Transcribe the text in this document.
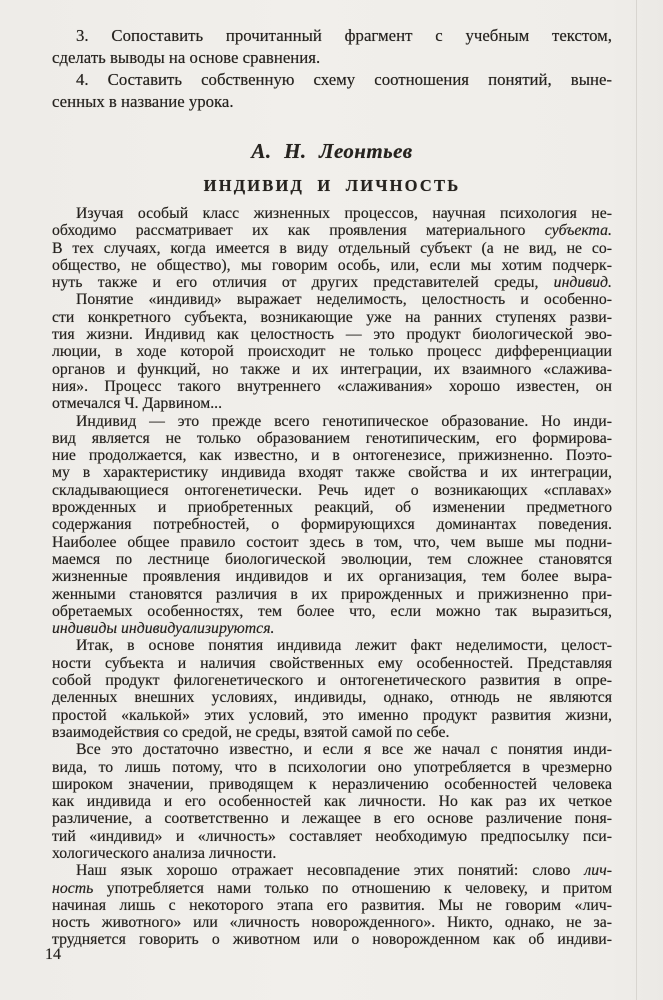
3. Сопоставить прочитанный фрагмент с учебным текстом,
сделать выводы на основе сравнения.
4. Составить собственную схему соотношения понятий, выне-
сенных в название урока.
А. Н. Леонтьев
ИНДИВИД И ЛИЧНОСТЬ
Изучая особый класс жизненных процессов, научная психология не-
обходимо рассматривает их как проявления материального субъекта.
В тех случаях, когда имеется в виду отдельный субъект (а не вид, не со-
общество, не общество), мы говорим особь, или, если мы хотим подчерк-
нуть также и его отличия от других представителей среды, индивид.
Понятие «индивид» выражает неделимость, целостность и особенно-
сти конкретного субъекта, возникающие уже на ранних ступенях разви-
тия жизни. Индивид как целостность — это продукт биологической эво-
люции, в ходе которой происходит не только процесс дифференциации
органов и функций, но также и их интеграции, их взаимного «слажива-
ния». Процесс такого внутреннего «слаживания» хорошо известен, он
отмечался Ч. Дарвином...
Индивид — это прежде всего генотипическое образование. Но инди-
вид является не только образованием генотипическим, его формирова-
ние продолжается, как известно, и в онтогенезисе, прижизненно. Поэто-
му в характеристику индивида входят также свойства и их интеграции,
складывающиеся онтогенетически. Речь идет о возникающих «сплавах»
врожденных и приобретенных реакций, об изменении предметного
содержания потребностей, о формирующихся доминантах поведения.
Наиболее общее правило состоит здесь в том, что, чем выше мы подни-
маемся по лестнице биологической эволюции, тем сложнее становятся
жизненные проявления индивидов и их организация, тем более выра-
женными становятся различия в их прирожденных и прижизненно при-
обретаемых особенностях, тем более что, если можно так выразиться,
индивиды индивидуализируются.
Итак, в основе понятия индивида лежит факт неделимости, целост-
ности субъекта и наличия свойственных ему особенностей. Представляя
собой продукт филогенетического и онтогенетического развития в опре-
деленных внешних условиях, индивиды, однако, отнюдь не являются
простой «калькой» этих условий, это именно продукт развития жизни,
взаимодействия со средой, не среды, взятой самой по себе.
Все это достаточно известно, и если я все же начал с понятия инди-
вида, то лишь потому, что в психологии оно употребляется в чрезмерно
широком значении, приводящем к неразличению особенностей человека
как индивида и его особенностей как личности. Но как раз их четкое
различение, а соответственно и лежащее в его основе различение поня-
тий «индивид» и «личность» составляет необходимую предпосылку пси-
хологического анализа личности.
Наш язык хорошо отражает несовпадение этих понятий: слово лич-
ность употребляется нами только по отношению к человеку, и притом
начиная лишь с некоторого этапа его развития. Мы не говорим «лич-
ность животного» или «личность новорожденного». Никто, однако, не за-
трудняется говорить о животном или о новорожденном как об индиви-
14
